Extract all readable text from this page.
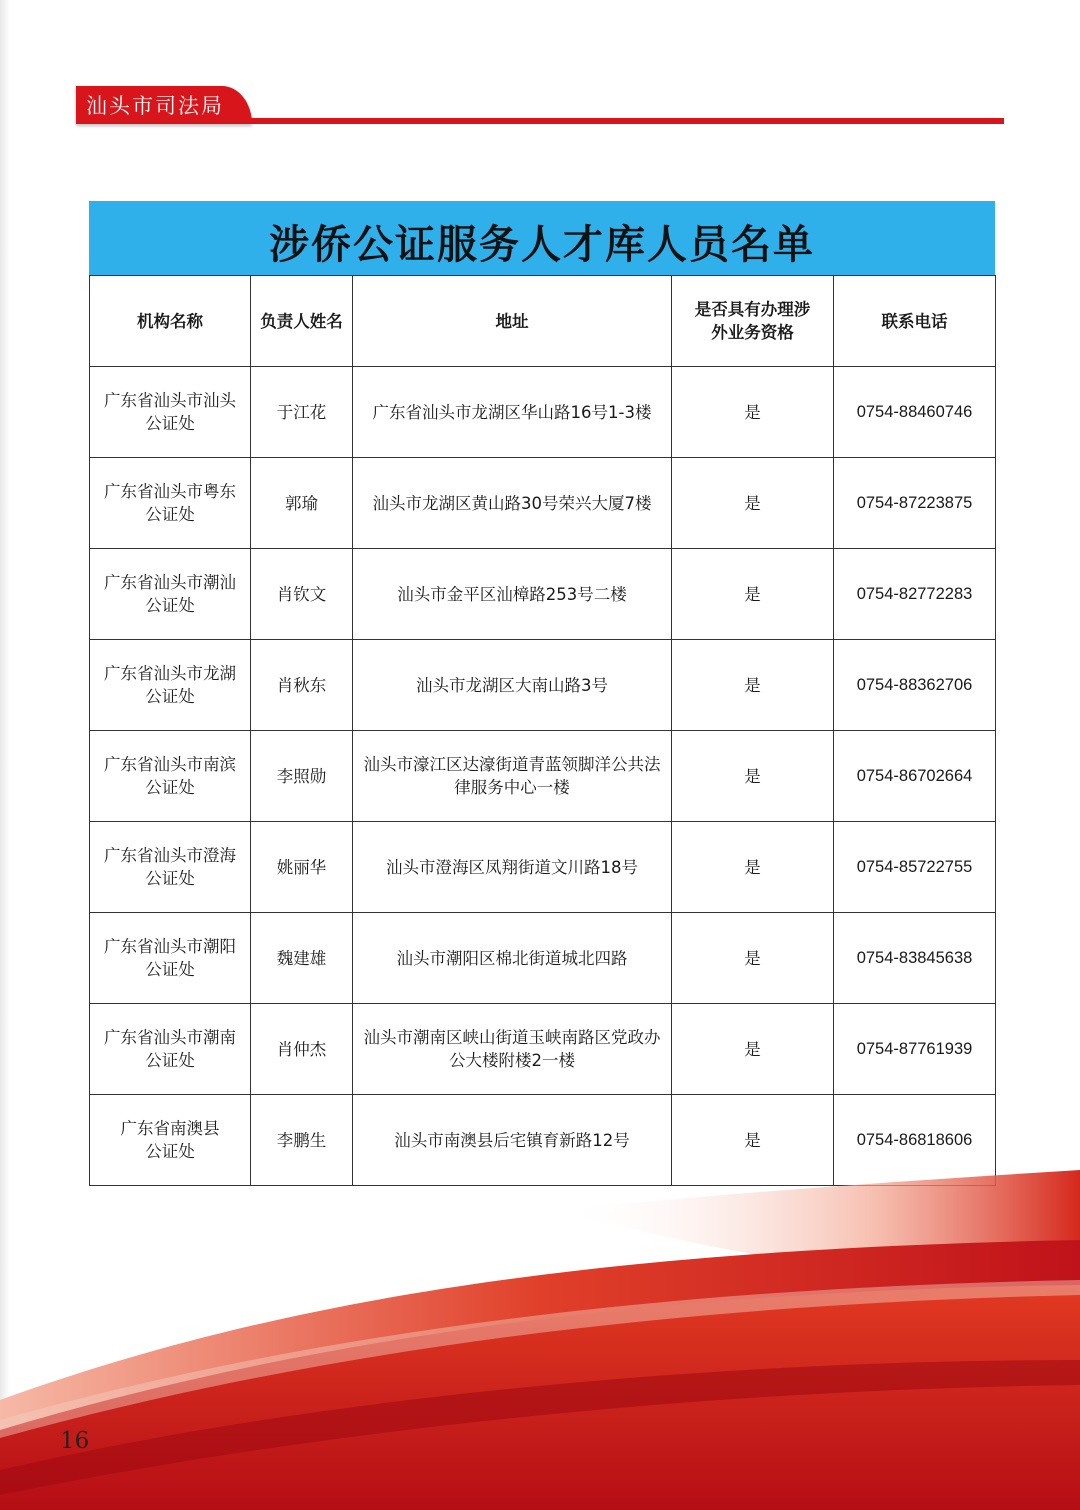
汕头市司法局
涉侨公证服务人才库人员名单
机构名称	负责人姓名	地址	是否具有办理涉外业务资格	联系电话
广东省汕头市汕头公证处	于江花	广东省汕头市龙湖区华山路16号1-3楼	是	0754-88460746
广东省汕头市粤东公证处	郭瑜	汕头市龙湖区黄山路30号荣兴大厦7楼	是	0754-87223875
广东省汕头市潮汕公证处	肖钦文	汕头市金平区汕樟路253号二楼	是	0754-82772283
广东省汕头市龙湖公证处	肖秋东	汕头市龙湖区大南山路3号	是	0754-88362706
广东省汕头市南滨公证处	李照勋	汕头市濠江区达濠街道青蓝领脚洋公共法律服务中心一楼	是	0754-86702664
广东省汕头市澄海公证处	姚丽华	汕头市澄海区凤翔街道文川路18号	是	0754-85722755
广东省汕头市潮阳公证处	魏建雄	汕头市潮阳区棉北街道城北四路	是	0754-83845638
广东省汕头市潮南公证处	肖仲杰	汕头市潮南区峡山街道玉峡南路区党政办公大楼附楼2一楼	是	0754-87761939
广东省南澳县公证处	李鹏生	汕头市南澳县后宅镇育新路12号	是	0754-86818606
16
